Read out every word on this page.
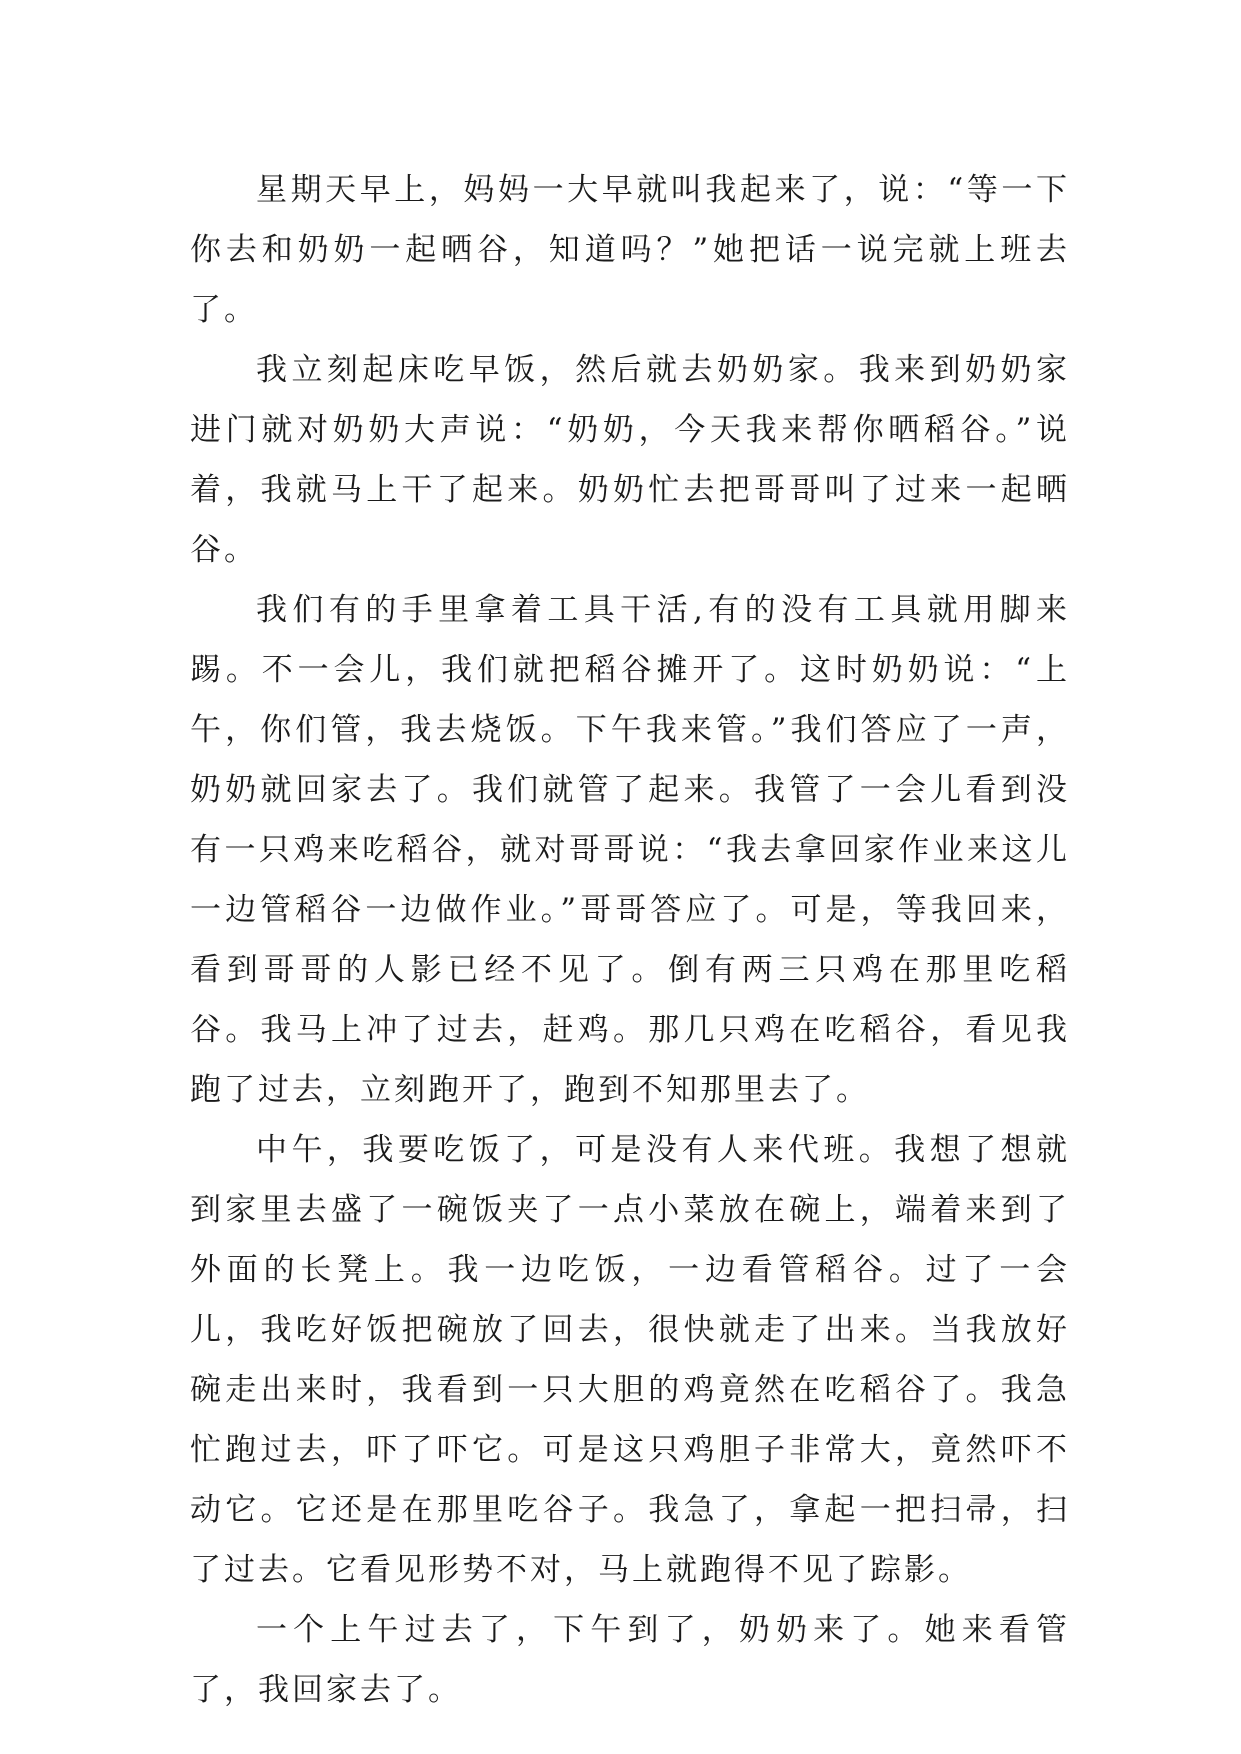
星期天早上，妈妈一大早就叫我起来了，说：“等一下你去和奶奶一起晒谷，知道吗？”她把话一说完就上班去了。

我立刻起床吃早饭，然后就去奶奶家。我来到奶奶家进门就对奶奶大声说：“奶奶，今天我来帮你晒稻谷。”说着，我就马上干了起来。奶奶忙去把哥哥叫了过来一起晒谷。

我们有的手里拿着工具干活,有的没有工具就用脚来踢。不一会儿，我们就把稻谷摊开了。这时奶奶说：“上午，你们管，我去烧饭。下午我来管。”我们答应了一声，奶奶就回家去了。我们就管了起来。我管了一会儿看到没有一只鸡来吃稻谷，就对哥哥说：“我去拿回家作业来这儿一边管稻谷一边做作业。”哥哥答应了。可是，等我回来，看到哥哥的人影已经不见了。倒有两三只鸡在那里吃稻谷。我马上冲了过去，赶鸡。那几只鸡在吃稻谷，看见我跑了过去，立刻跑开了，跑到不知那里去了。

中午，我要吃饭了，可是没有人来代班。我想了想就到家里去盛了一碗饭夹了一点小菜放在碗上，端着来到了外面的长凳上。我一边吃饭，一边看管稻谷。过了一会儿，我吃好饭把碗放了回去，很快就走了出来。当我放好碗走出来时，我看到一只大胆的鸡竟然在吃稻谷了。我急忙跑过去，吓了吓它。可是这只鸡胆子非常大，竟然吓不动它。它还是在那里吃谷子。我急了，拿起一把扫帚，扫了过去。它看见形势不对，马上就跑得不见了踪影。

一个上午过去了，下午到了，奶奶来了。她来看管了，我回家去了。
